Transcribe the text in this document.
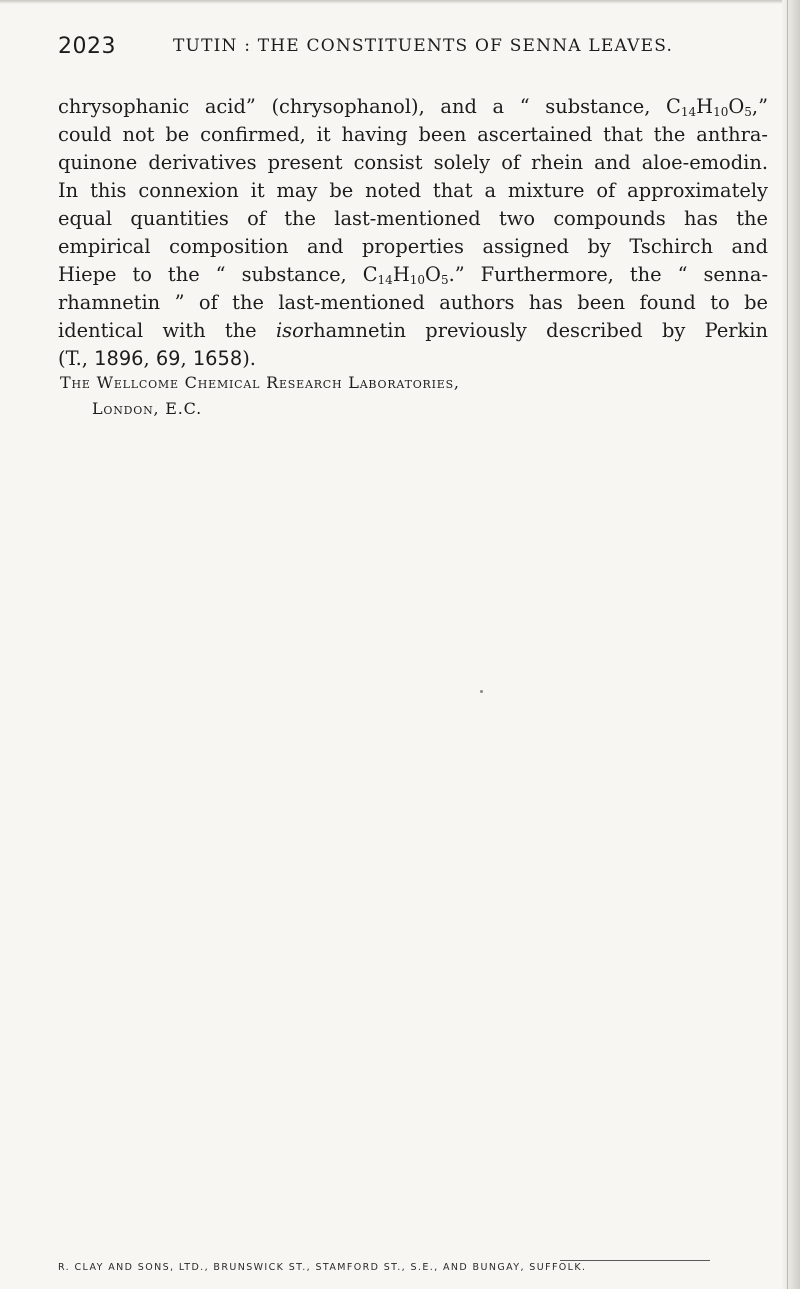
2023	TUTIN : THE CONSTITUENTS OF SENNA LEAVES.
chrysophanic acid” (chrysophanol), and a “ substance, $C_{14}H_{10}O_5$,”
could not be confirmed, it having been ascertained that the anthra-
quinone derivatives present consist solely of rhein and aloe-emodin.
In this connexion it may be noted that a mixture of approximately
equal quantities of the last-mentioned two compounds has the
empirical composition and properties assigned by Tschirch and
Hiepe to the “ substance, $C_{14}H_{10}O_5$.” Furthermore, the “ senna-
rhamnetin ” of the last-mentioned authors has been found to be
identical with the isorhamnetin previously described by Perkin
(T., 1896, 69, 1658).
The Wellcome Chemical Research Laboratories,
London, E.C.
R. CLAY AND SONS, LTD., BRUNSWICK ST., STAMFORD ST., S.E., AND BUNGAY, SUFFOLK.
